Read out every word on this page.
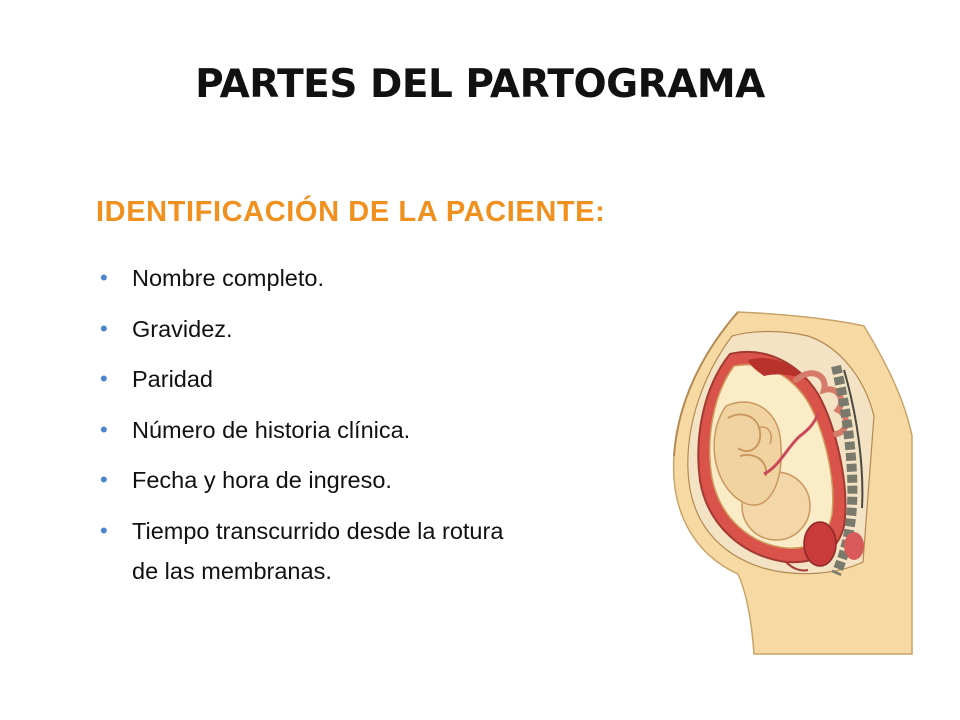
PARTES DEL PARTOGRAMA
IDENTIFICACIÓN DE LA PACIENTE:
• Nombre completo.
• Gravidez.
• Paridad
• Número de historia clínica.
• Fecha y hora de ingreso.
• Tiempo transcurrido desde la rotura
de las membranas.
